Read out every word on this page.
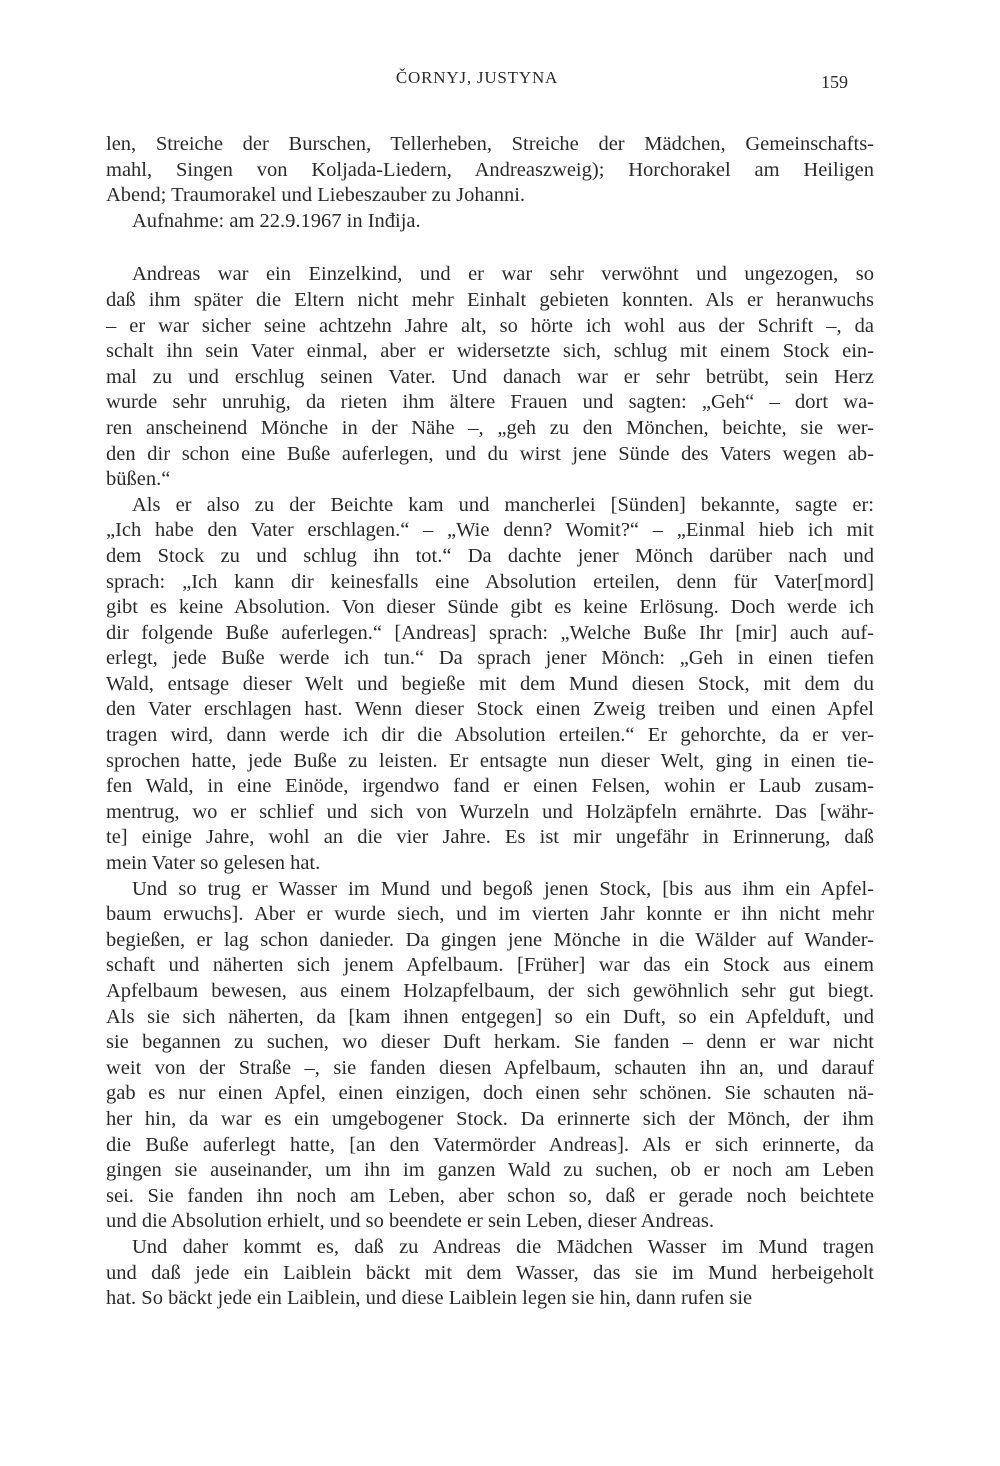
ČORNYJ, JUSTYNA	159
len, Streiche der Burschen, Tellerheben, Streiche der Mädchen, Gemeinschafts-
mahl, Singen von Koljada-Liedern, Andreaszweig); Horchorakel am Heiligen
Abend; Traumorakel und Liebeszauber zu Johanni.
Aufnahme: am 22.9.1967 in Inđija.
Andreas war ein Einzelkind, und er war sehr verwöhnt und ungezogen, so
daß ihm später die Eltern nicht mehr Einhalt gebieten konnten. Als er heranwuchs
– er war sicher seine achtzehn Jahre alt, so hörte ich wohl aus der Schrift –, da
schalt ihn sein Vater einmal, aber er widersetzte sich, schlug mit einem Stock ein-
mal zu und erschlug seinen Vater. Und danach war er sehr betrübt, sein Herz
wurde sehr unruhig, da rieten ihm ältere Frauen und sagten: „Geh“ – dort wa-
ren anscheinend Mönche in der Nähe –, „geh zu den Mönchen, beichte, sie wer-
den dir schon eine Buße auferlegen, und du wirst jene Sünde des Vaters wegen ab-
büßen.“
Als er also zu der Beichte kam und mancherlei [Sünden] bekannte, sagte er:
„Ich habe den Vater erschlagen.“ – „Wie denn? Womit?“ – „Einmal hieb ich mit
dem Stock zu und schlug ihn tot.“ Da dachte jener Mönch darüber nach und
sprach: „Ich kann dir keinesfalls eine Absolution erteilen, denn für Vater[mord]
gibt es keine Absolution. Von dieser Sünde gibt es keine Erlösung. Doch werde ich
dir folgende Buße auferlegen.“ [Andreas] sprach: „Welche Buße Ihr [mir] auch auf-
erlegt, jede Buße werde ich tun.“ Da sprach jener Mönch: „Geh in einen tiefen
Wald, entsage dieser Welt und begieße mit dem Mund diesen Stock, mit dem du
den Vater erschlagen hast. Wenn dieser Stock einen Zweig treiben und einen Apfel
tragen wird, dann werde ich dir die Absolution erteilen.“ Er gehorchte, da er ver-
sprochen hatte, jede Buße zu leisten. Er entsagte nun dieser Welt, ging in einen tie-
fen Wald, in eine Einöde, irgendwo fand er einen Felsen, wohin er Laub zusam-
mentrug, wo er schlief und sich von Wurzeln und Holzäpfeln ernährte. Das [währ-
te] einige Jahre, wohl an die vier Jahre. Es ist mir ungefähr in Erinnerung, daß
mein Vater so gelesen hat.
Und so trug er Wasser im Mund und begoß jenen Stock, [bis aus ihm ein Apfel-
baum erwuchs]. Aber er wurde siech, und im vierten Jahr konnte er ihn nicht mehr
begießen, er lag schon danieder. Da gingen jene Mönche in die Wälder auf Wander-
schaft und näherten sich jenem Apfelbaum. [Früher] war das ein Stock aus einem
Apfelbaum bewesen, aus einem Holzapfelbaum, der sich gewöhnlich sehr gut biegt.
Als sie sich näherten, da [kam ihnen entgegen] so ein Duft, so ein Apfelduft, und
sie begannen zu suchen, wo dieser Duft herkam. Sie fanden – denn er war nicht
weit von der Straße –, sie fanden diesen Apfelbaum, schauten ihn an, und darauf
gab es nur einen Apfel, einen einzigen, doch einen sehr schönen. Sie schauten nä-
her hin, da war es ein umgebogener Stock. Da erinnerte sich der Mönch, der ihm
die Buße auferlegt hatte, [an den Vatermörder Andreas]. Als er sich erinnerte, da
gingen sie auseinander, um ihn im ganzen Wald zu suchen, ob er noch am Leben
sei. Sie fanden ihn noch am Leben, aber schon so, daß er gerade noch beichtete
und die Absolution erhielt, und so beendete er sein Leben, dieser Andreas.
Und daher kommt es, daß zu Andreas die Mädchen Wasser im Mund tragen
und daß jede ein Laiblein bäckt mit dem Wasser, das sie im Mund herbeigeholt
hat. So bäckt jede ein Laiblein, und diese Laiblein legen sie hin, dann rufen sie
